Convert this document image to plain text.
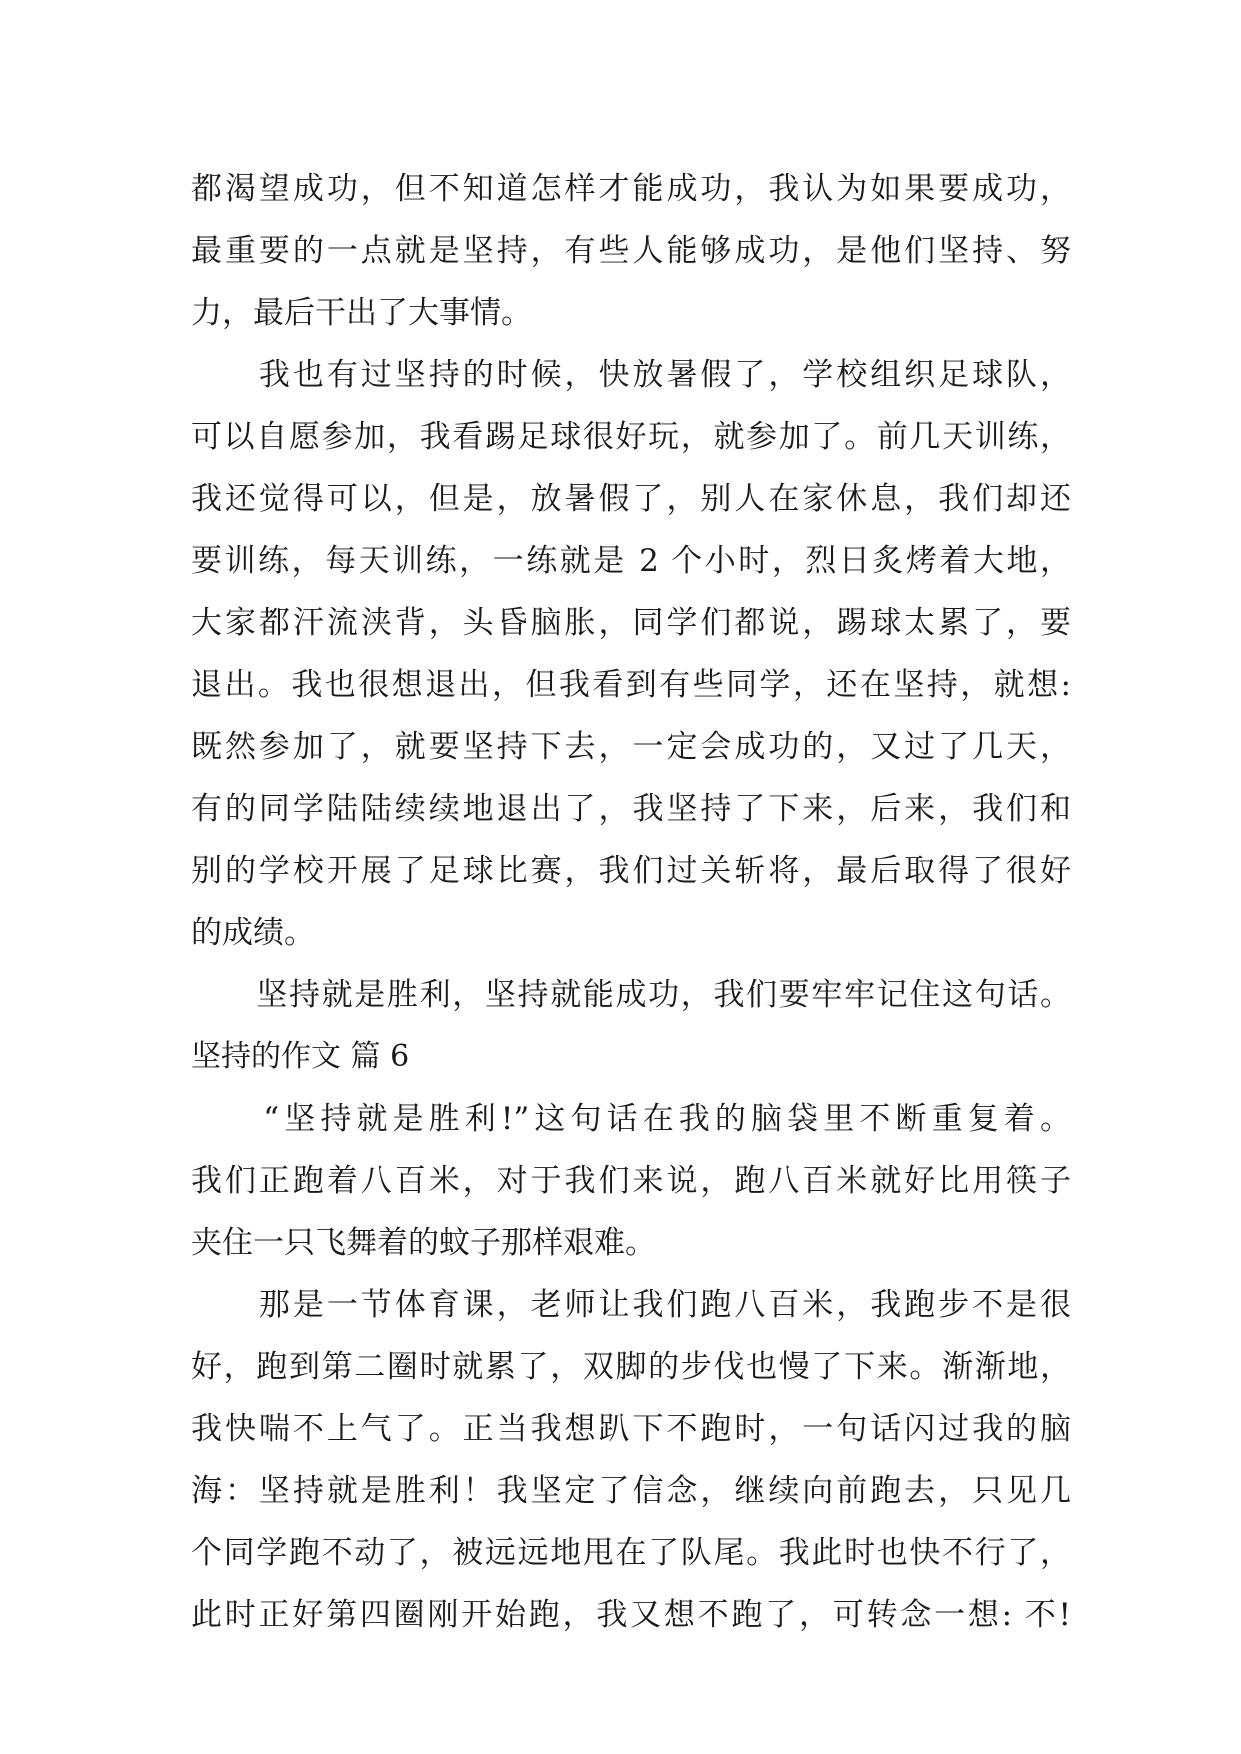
都渴望成功，但不知道怎样才能成功，我认为如果要成功，
最重要的一点就是坚持，有些人能够成功，是他们坚持、努
力，最后干出了大事情。
　　我也有过坚持的时候，快放暑假了，学校组织足球队，
可以自愿参加，我看踢足球很好玩，就参加了。前几天训练，
我还觉得可以，但是，放暑假了，别人在家休息，我们却还
要训练，每天训练，一练就是 2 个小时，烈日炙烤着大地，
大家都汗流浃背，头昏脑胀，同学们都说，踢球太累了，要
退出。我也很想退出，但我看到有些同学，还在坚持，就想:
既然参加了，就要坚持下去，一定会成功的，又过了几天，
有的同学陆陆续续地退出了，我坚持了下来，后来，我们和
别的学校开展了足球比赛，我们过关斩将，最后取得了很好
的成绩。
　　坚持就是胜利，坚持就能成功，我们要牢牢记住这句话。
坚持的作文 篇 6
　　“坚持就是胜利!”这句话在我的脑袋里不断重复着。
我们正跑着八百米，对于我们来说，跑八百米就好比用筷子
夹住一只飞舞着的蚊子那样艰难。
　　那是一节体育课，老师让我们跑八百米，我跑步不是很
好，跑到第二圈时就累了，双脚的步伐也慢了下来。渐渐地，
我快喘不上气了。正当我想趴下不跑时，一句话闪过我的脑
海：坚持就是胜利！我坚定了信念，继续向前跑去，只见几
个同学跑不动了，被远远地甩在了队尾。我此时也快不行了，
此时正好第四圈刚开始跑，我又想不跑了，可转念一想: 不!
